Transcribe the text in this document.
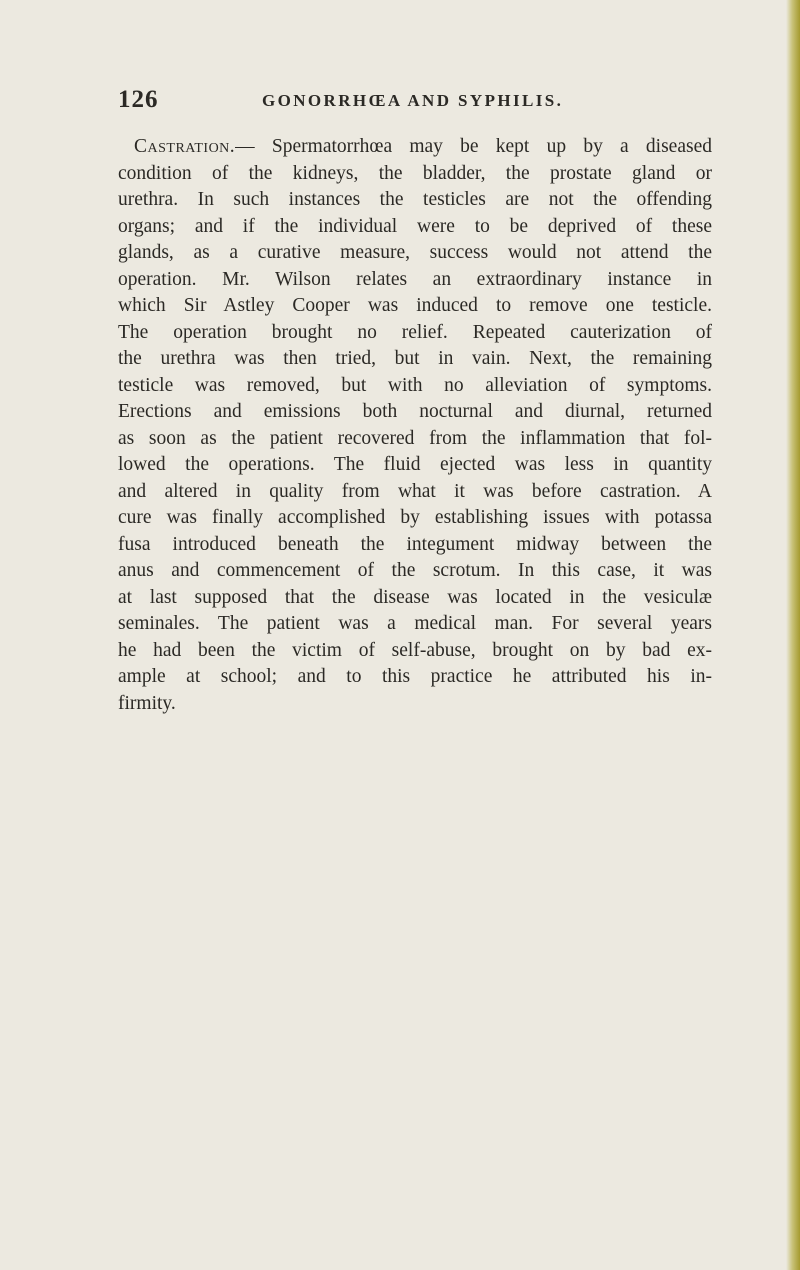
126	GONORRHŒA AND SYPHILIS.
Castration.— Spermatorrhœa may be kept up by a diseased
condition of the kidneys, the bladder, the prostate gland or
urethra. In such instances the testicles are not the offending
organs; and if the individual were to be deprived of these
glands, as a curative measure, success would not attend the
operation. Mr. Wilson relates an extraordinary instance in
which Sir Astley Cooper was induced to remove one testicle.
The operation brought no relief. Repeated cauterization of
the urethra was then tried, but in vain. Next, the remaining
testicle was removed, but with no alleviation of symptoms.
Erections and emissions both nocturnal and diurnal, returned
as soon as the patient recovered from the inflammation that fol-
lowed the operations. The fluid ejected was less in quantity
and altered in quality from what it was before castration. A
cure was finally accomplished by establishing issues with potassa
fusa introduced beneath the integument midway between the
anus and commencement of the scrotum. In this case, it was
at last supposed that the disease was located in the vesiculæ
seminales. The patient was a medical man. For several years
he had been the victim of self-abuse, brought on by bad ex-
ample at school; and to this practice he attributed his in-
firmity.
